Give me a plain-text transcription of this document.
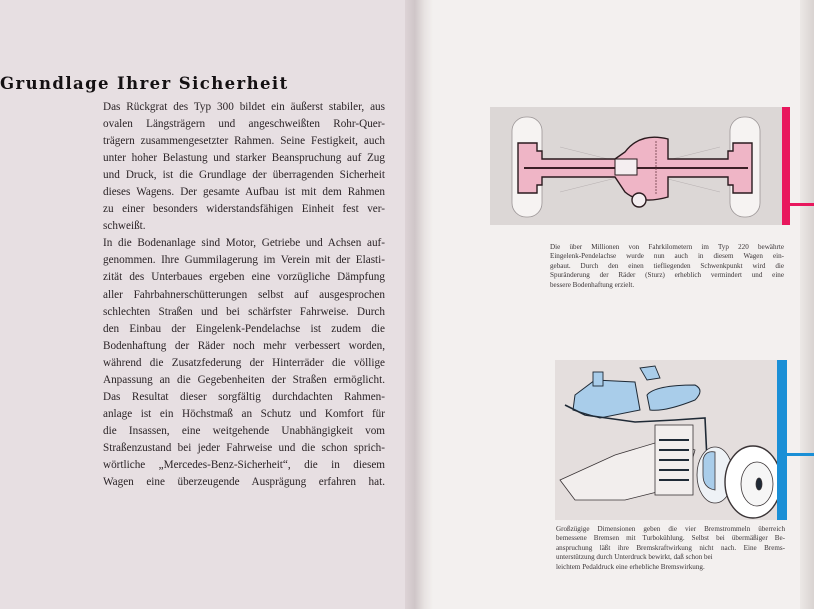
Grundlage Ihrer Sicherheit
Das Rückgrat des Typ 300 bildet ein äußerst stabiler, aus
ovalen Längsträgern und angeschweißten Rohr-Quer-
trägern zusammengesetzter Rahmen. Seine Festigkeit, auch
unter hoher Belastung und starker Beanspruchung auf Zug
und Druck, ist die Grundlage der überragenden Sicherheit
dieses Wagens. Der gesamte Aufbau ist mit dem Rahmen
zu einer besonders widerstandsfähigen Einheit fest ver-
schweißt.
In die Bodenanlage sind Motor, Getriebe und Achsen auf-
genommen. Ihre Gummilagerung im Verein mit der Elasti-
zität des Unterbaues ergeben eine vorzügliche Dämpfung
aller Fahrbahnerschütterungen selbst auf ausgesprochen
schlechten Straßen und bei schärfster Fahrweise. Durch
den Einbau der Eingelenk-Pendelachse ist zudem die
Bodenhaftung der Räder noch mehr verbessert worden,
während die Zusatzfederung der Hinterräder die völlige
Anpassung an die Gegebenheiten der Straßen ermöglicht.
Das Resultat dieser sorgfältig durchdachten Rahmen-
anlage ist ein Höchstmaß an Schutz und Komfort für
die Insassen, eine weitgehende Unabhängigkeit vom
Straßenzustand bei jeder Fahrweise und die schon sprich-
wörtliche „Mercedes-Benz-Sicherheit“, die in diesem
Wagen eine überzeugende Ausprägung erfahren hat.
Die über Millionen von Fahrkilometern im Typ 220 bewährte
Eingelenk-Pendelachse wurde nun auch in diesem Wagen ein-
gebaut. Durch den einen tiefliegenden Schwenkpunkt wird die
Spuränderung der Räder (Sturz) erheblich vermindert und eine
bessere Bodenhaftung erzielt.
Großzügige Dimensionen geben die vier Bremstrommeln überreich
bemessene Bremsen mit Turbokühlung. Selbst bei übermäßiger Be-
anspruchung läßt ihre Bremskraftwirkung nicht nach. Eine Brems-
unterstützung durch Unterdruck bewirkt, daß schon bei
leichtem Pedaldruck eine erhebliche Bremswirkung.
